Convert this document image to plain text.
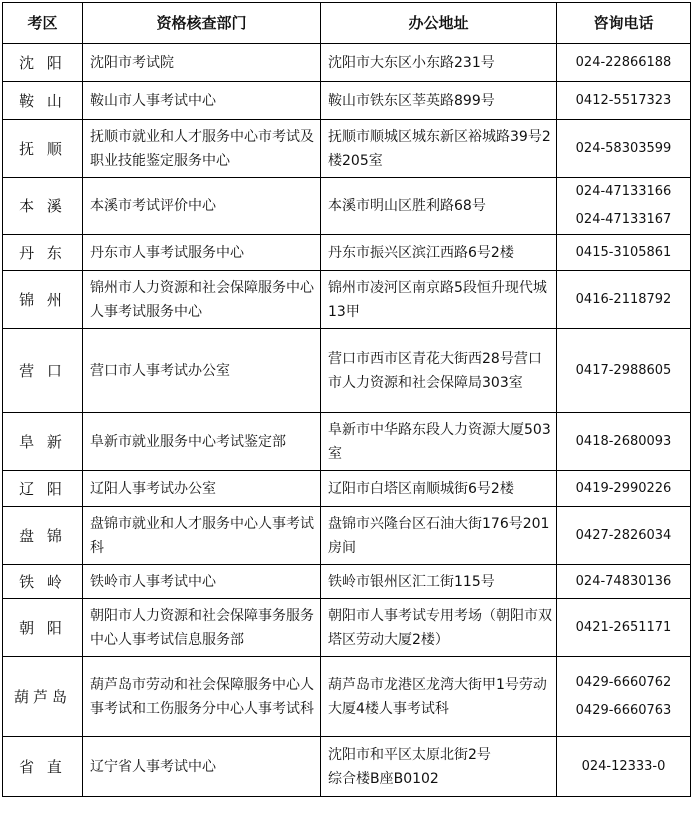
考区	资格核查部门	办公地址	咨询电话
沈 阳	沈阳市考试院	沈阳市大东区小东路231号	024-22866188

鞍 山	鞍山市人事考试中心	鞍山市铁东区莘英路899号	0412-5517323

抚 顺	抚顺市就业和人才服务中心市考试及职业技能鉴定服务中心	抚顺市顺城区城东新区裕城路39号2楼205室	024-58303599

本 溪	本溪市考试评价中心	本溪市明山区胜利路68号	024-47133166
024-47133167

丹 东	丹东市人事考试服务中心	丹东市振兴区滨江西路6号2楼	0415-3105861

锦 州	锦州市人力资源和社会保障服务中心人事考试服务中心	锦州市凌河区南京路5段恒升现代城13甲	0416-2118792

营 口	营口市人事考试办公室	营口市西市区青花大街西28号营口市人力资源和社会保障局303室	0417-2988605

阜 新	阜新市就业服务中心考试鉴定部	阜新市中华路东段人力资源大厦503室	0418-2680093

辽 阳	辽阳人事考试办公室	辽阳市白塔区南顺城街6号2楼	0419-2990226

盘 锦	盘锦市就业和人才服务中心人事考试科	盘锦市兴隆台区石油大街176号201房间	0427-2826034

铁 岭	铁岭市人事考试中心	铁岭市银州区汇工街115号	024-74830136

朝 阳	朝阳市人力资源和社会保障事务服务中心人事考试信息服务部	朝阳市人事考试专用考场（朝阳市双塔区劳动大厦2楼）	0421-2651171

葫芦岛	葫芦岛市劳动和社会保障服务中心人事考试和工伤服务分中心人事考试科	葫芦岛市龙港区龙湾大街甲1号劳动大厦4楼人事考试科	0429-6660762
0429-6660763

省 直	辽宁省人事考试中心	沈阳市和平区太原北街2号
综合楼B座B0102	024-12333-0
